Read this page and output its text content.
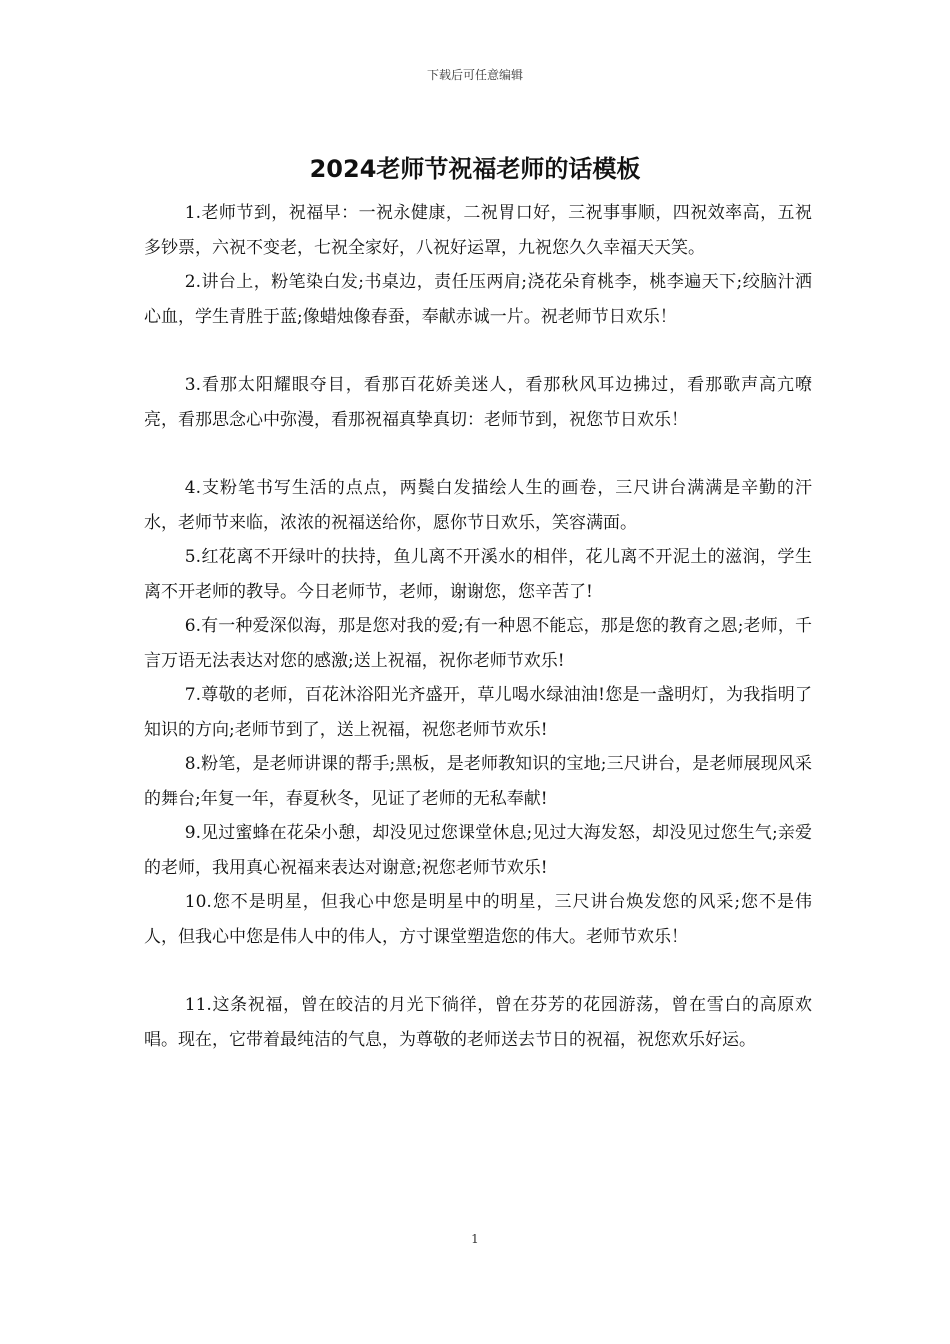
下载后可任意编辑
2024老师节祝福老师的话模板

1.老师节到，祝福早：一祝永健康，二祝胃口好，三祝事事顺，四祝效率高，五祝多钞票，六祝不变老，七祝全家好，八祝好运罩，九祝您久久幸福天天笑。

2.讲台上，粉笔染白发;书桌边，责任压两肩;浇花朵育桃李，桃李遍天下;绞脑汁洒心血，学生青胜于蓝;像蜡烛像春蚕，奉献赤诚一片。祝老师节日欢乐！

3.看那太阳耀眼夺目，看那百花娇美迷人，看那秋风耳边拂过，看那歌声高亢嘹亮，看那思念心中弥漫，看那祝福真挚真切：老师节到，祝您节日欢乐！

4.支粉笔书写生活的点点，两鬓白发描绘人生的画卷，三尺讲台满满是辛勤的汗水，老师节来临，浓浓的祝福送给你，愿你节日欢乐，笑容满面。

5.红花离不开绿叶的扶持，鱼儿离不开溪水的相伴，花儿离不开泥土的滋润，学生离不开老师的教导。今日老师节，老师，谢谢您，您辛苦了!

6.有一种爱深似海，那是您对我的爱;有一种恩不能忘，那是您的教育之恩;老师，千言万语无法表达对您的感激;送上祝福，祝你老师节欢乐!

7.尊敬的老师，百花沐浴阳光齐盛开，草儿喝水绿油油!您是一盏明灯，为我指明了知识的方向;老师节到了，送上祝福，祝您老师节欢乐!

8.粉笔，是老师讲课的帮手;黑板，是老师教知识的宝地;三尺讲台，是老师展现风采的舞台;年复一年，春夏秋冬，见证了老师的无私奉献!

9.见过蜜蜂在花朵小憩，却没见过您课堂休息;见过大海发怒，却没见过您生气;亲爱的老师，我用真心祝福来表达对谢意;祝您老师节欢乐!

10.您不是明星，但我心中您是明星中的明星，三尺讲台焕发您的风采;您不是伟人，但我心中您是伟人中的伟人，方寸课堂塑造您的伟大。老师节欢乐！

11.这条祝福，曾在皎洁的月光下徜徉，曾在芬芳的花园游荡，曾在雪白的高原欢唱。现在，它带着最纯洁的气息，为尊敬的老师送去节日的祝福，祝您欢乐好运。

1
